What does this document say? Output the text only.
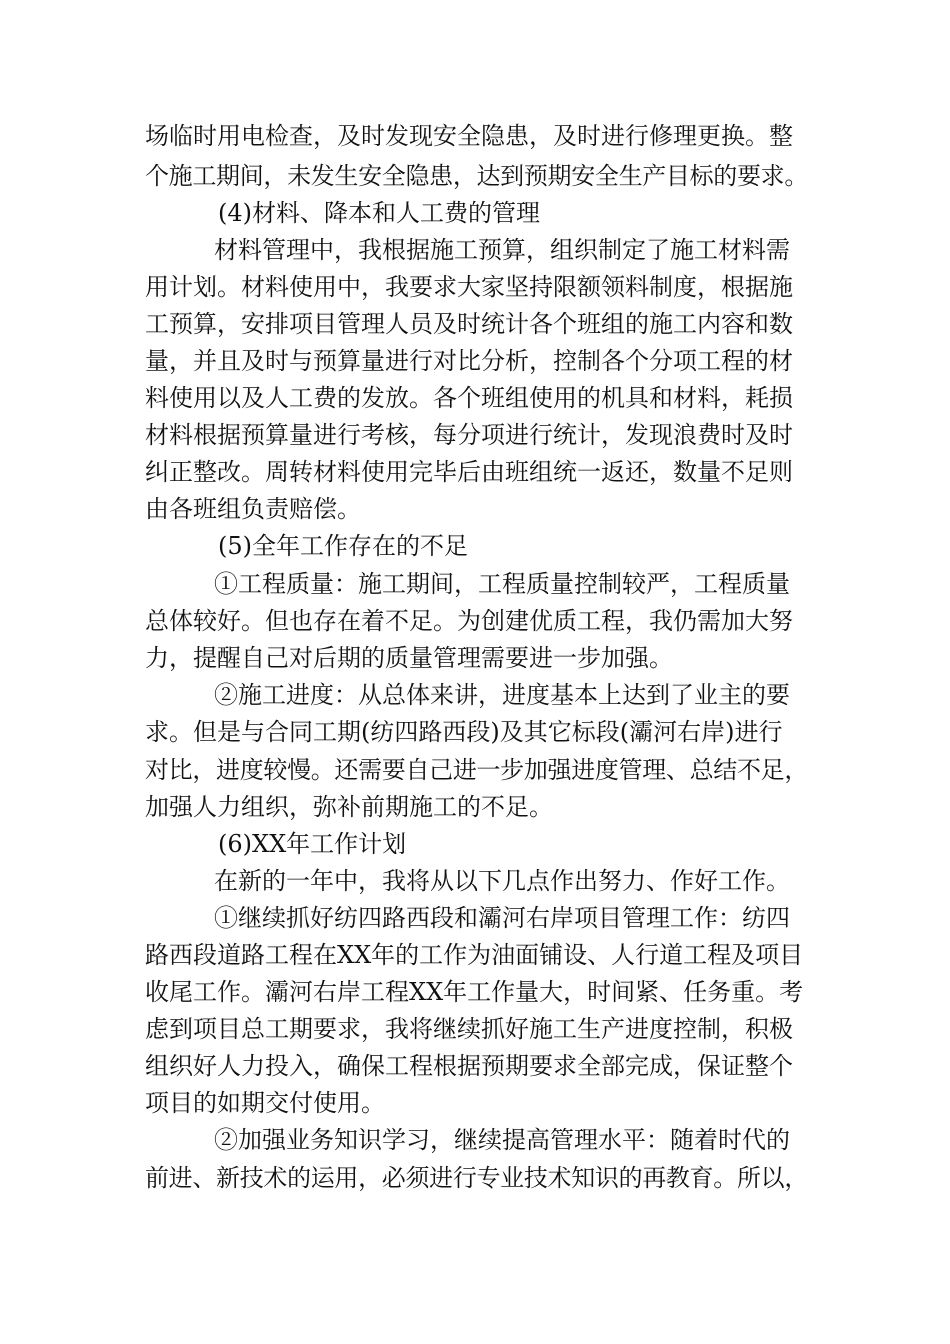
场临时用电检查，及时发现安全隐患，及时进行修理更换。整
个施工期间，未发生安全隐患，达到预期安全生产目标的要求。
(4)材料、降本和人工费的管理
材料管理中，我根据施工预算，组织制定了施工材料需
用计划。材料使用中，我要求大家坚持限额领料制度，根据施
工预算，安排项目管理人员及时统计各个班组的施工内容和数
量，并且及时与预算量进行对比分析，控制各个分项工程的材
料使用以及人工费的发放。各个班组使用的机具和材料，耗损
材料根据预算量进行考核，每分项进行统计，发现浪费时及时
纠正整改。周转材料使用完毕后由班组统一返还，数量不足则
由各班组负责赔偿。
(5)全年工作存在的不足
①工程质量：施工期间，工程质量控制较严，工程质量
总体较好。但也存在着不足。为创建优质工程，我仍需加大努
力，提醒自己对后期的质量管理需要进一步加强。
②施工进度：从总体来讲，进度基本上达到了业主的要
求。但是与合同工期(纺四路西段)及其它标段(灞河右岸)进行
对比，进度较慢。还需要自己进一步加强进度管理、总结不足，
加强人力组织，弥补前期施工的不足。
(6)XX年工作计划
在新的一年中，我将从以下几点作出努力、作好工作。
①继续抓好纺四路西段和灞河右岸项目管理工作：纺四
路西段道路工程在XX年的工作为油面铺设、人行道工程及项目
收尾工作。灞河右岸工程XX年工作量大，时间紧、任务重。考
虑到项目总工期要求，我将继续抓好施工生产进度控制，积极
组织好人力投入，确保工程根据预期要求全部完成，保证整个
项目的如期交付使用。
②加强业务知识学习，继续提高管理水平：随着时代的
前进、新技术的运用，必须进行专业技术知识的再教育。所以，
